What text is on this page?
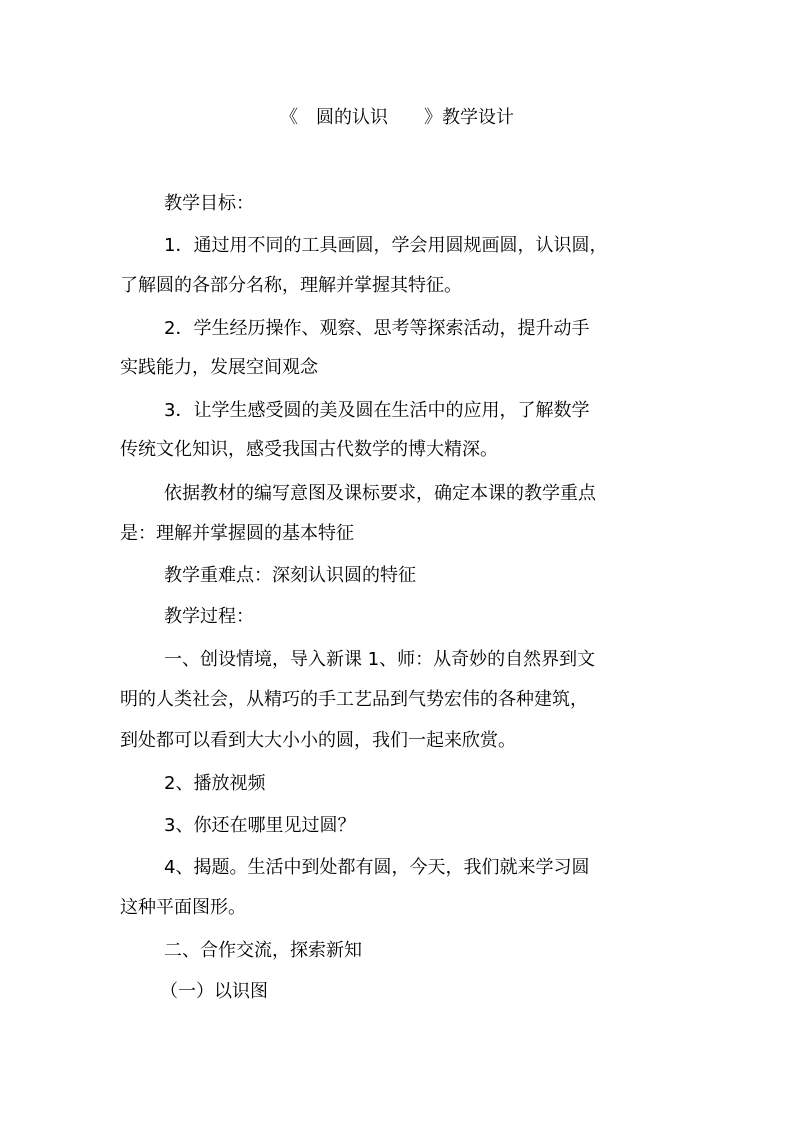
《　圆的认识　　》教学设计
教学目标：
1．通过用不同的工具画圆，学会用圆规画圆，认识圆，
了解圆的各部分名称，理解并掌握其特征。
2．学生经历操作、观察、思考等探索活动，提升动手
实践能力，发展空间观念
3．让学生感受圆的美及圆在生活中的应用，了解数学
传统文化知识，感受我国古代数学的博大精深。
依据教材的编写意图及课标要求，确定本课的教学重点
是：理解并掌握圆的基本特征
教学重难点：深刻认识圆的特征
教学过程：
一、创设情境，导入新课 1、师：从奇妙的自然界到文
明的人类社会，从精巧的手工艺品到气势宏伟的各种建筑，
到处都可以看到大大小小的圆，我们一起来欣赏。
2、播放视频
3、你还在哪里见过圆？
4、揭题。生活中到处都有圆，今天，我们就来学习圆
这种平面图形。
二、合作交流，探索新知
（一）以识图
